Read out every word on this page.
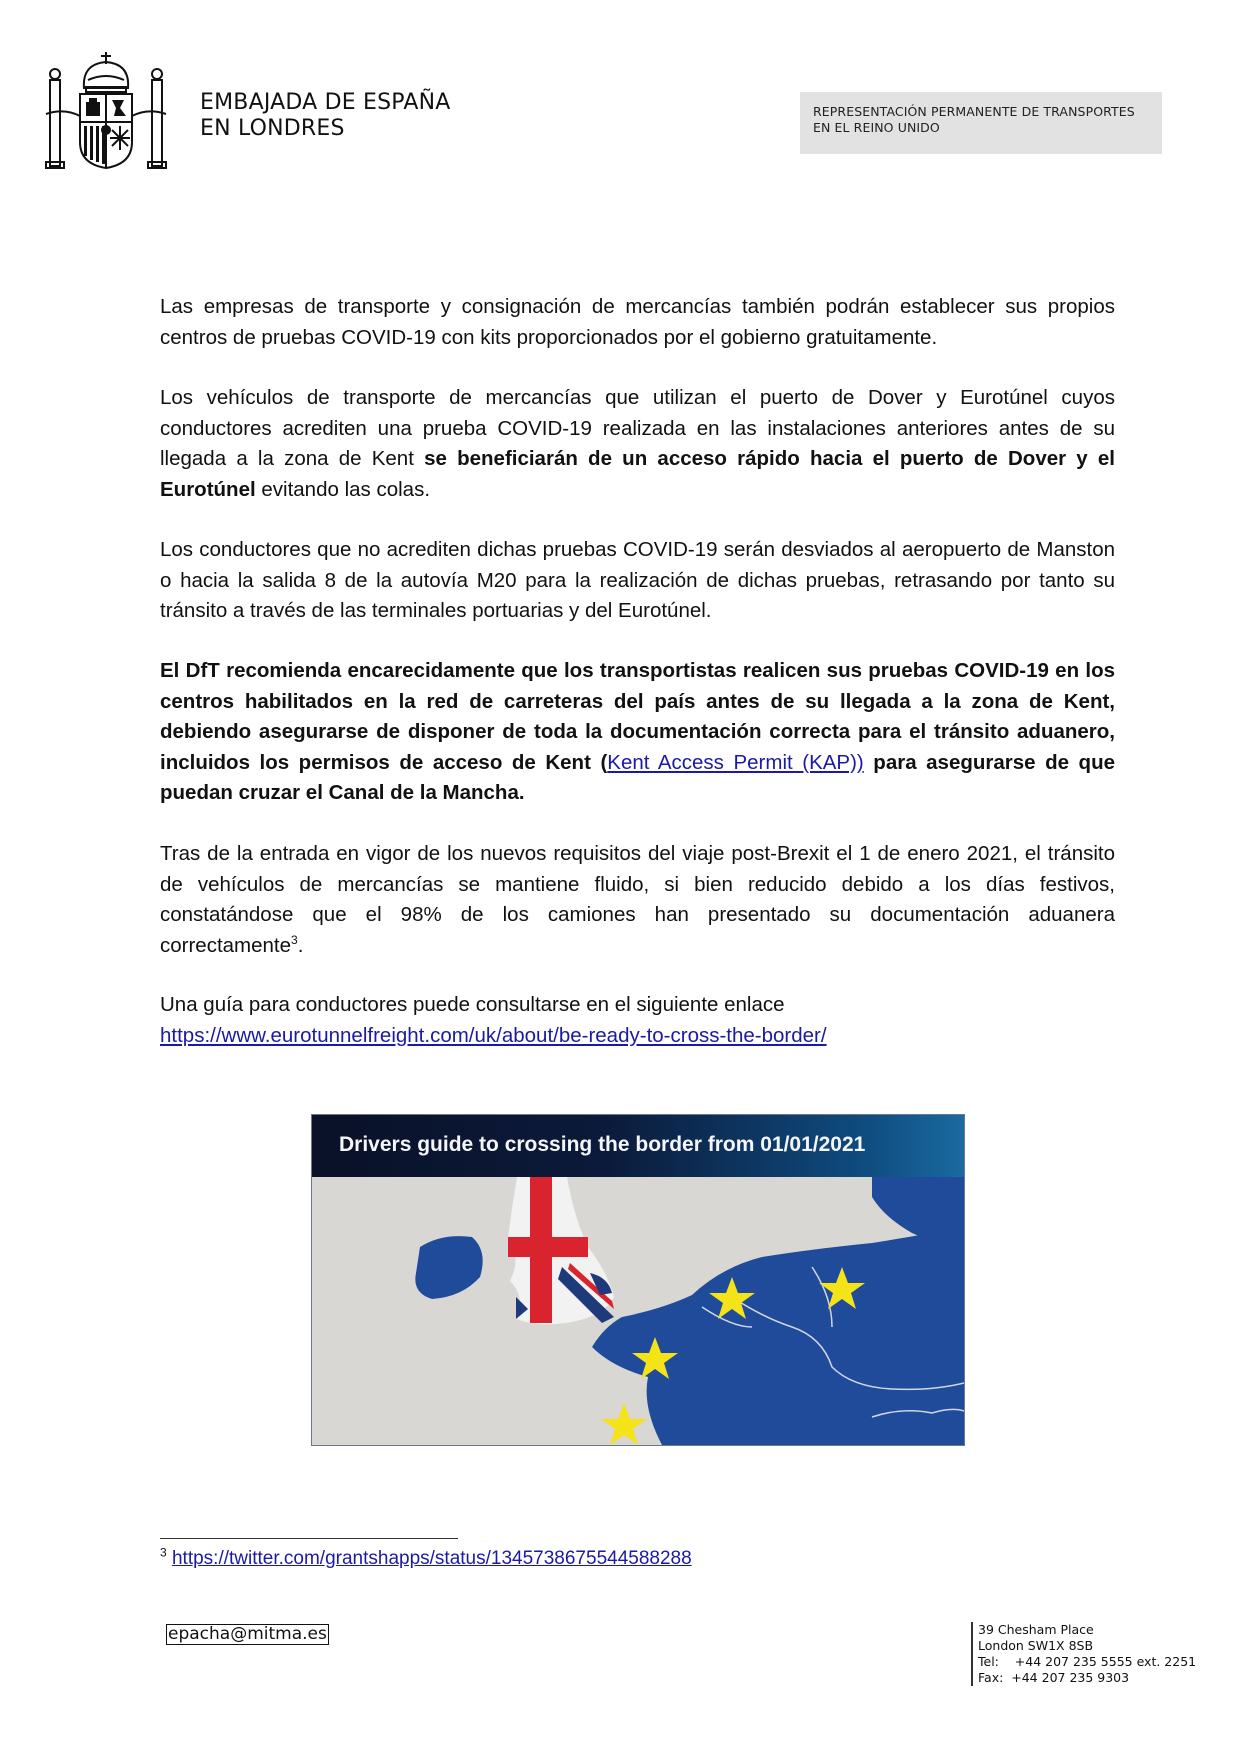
EMBAJADA DE ESPAÑA
EN LONDRES
REPRESENTACIÓN PERMANENTE DE TRANSPORTES
EN EL REINO UNIDO
Las empresas de transporte y consignación de mercancías también podrán establecer sus propios centros de pruebas COVID-19 con kits proporcionados por el gobierno gratuitamente.
Los vehículos de transporte de mercancías que utilizan el puerto de Dover y Eurotúnel cuyos conductores acrediten una prueba COVID-19 realizada en las instalaciones anteriores antes de su llegada a la zona de Kent se beneficiarán de un acceso rápido hacia el puerto de Dover y el Eurotúnel evitando las colas.
Los conductores que no acrediten dichas pruebas COVID-19 serán desviados al aeropuerto de Manston o hacia la salida 8 de la autovía M20 para la realización de dichas pruebas, retrasando por tanto su tránsito a través de las terminales portuarias y del Eurotúnel.
El DfT recomienda encarecidamente que los transportistas realicen sus pruebas COVID-19 en los centros habilitados en la red de carreteras del país antes de su llegada a la zona de Kent, debiendo asegurarse de disponer de toda la documentación correcta para el tránsito aduanero, incluidos los permisos de acceso de Kent (Kent Access Permit (KAP)) para asegurarse de que puedan cruzar el Canal de la Mancha.
Tras de la entrada en vigor de los nuevos requisitos del viaje post-Brexit el 1 de enero 2021, el tránsito de vehículos de mercancías se mantiene fluido, si bien reducido debido a los días festivos, constatándose que el 98% de los camiones han presentado su documentación aduanera correctamente$^3$.
Una guía para conductores puede consultarse en el siguiente enlace
https://www.eurotunnelfreight.com/uk/about/be-ready-to-cross-the-border/
Drivers guide to crossing the border from 01/01/2021
$^3$ https://twitter.com/grantshapps/status/1345738675544588288
epacha@mitma.es	39 Chesham Place
London SW1X 8SB
Tel:    +44 207 235 5555 ext. 2251
Fax:  +44 207 235 9303
